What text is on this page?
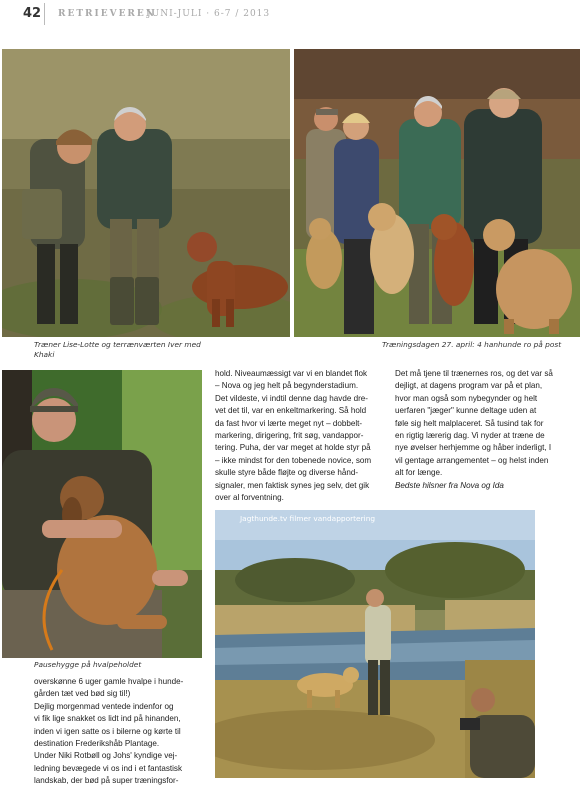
42 RETRIEVEREN
JUNI-JULI · 6-7 / 2013
Træner Lise-Lotte og terrænværten Iver med
Khaki
Træningsdagen 27. april: 4 hanhunde ro på post
Pausehygge på hvalpeholdet
Jagthunde.tv filmer vandapportering

hold. Niveaumæssigt var vi en blandet flok

– Nova og jeg helt på begynderstadium.

Det vildeste, vi indtil denne dag havde dre-

vet det til, var en enkeltmarkering. Så hold

da fast hvor vi lærte meget nyt – dobbelt-

markering, dirigering, frit søg, vandappor-

tering. Puha, der var meget at holde styr på

– ikke mindst for den tobenede novice, som

skulle styre både fløjte og diverse hånd-

signaler, men faktisk synes jeg selv, det gik

over al forventning.

Det må tjene til trænernes ros, og det var så

dejligt, at dagens program var på et plan,

hvor man også som nybegynder og helt

uerfaren "jæger" kunne deltage uden at

føle sig helt malplaceret. Så tusind tak for

en rigtig lærerig dag. Vi nyder at træne de

nye øvelser herhjemme og håber inderligt, I

vil gentage arrangementet – og helst inden

alt for længe.

Bedste hilsner fra Nova og Ida

overskønne 6 uger gamle hvalpe i hunde-

gården tæt ved bød sig til!)

Dejlig morgenmad ventede indenfor og

vi fik lige snakket os lidt ind på hinanden,

inden vi igen satte os i bilerne og kørte til

destination Frederikshåb Plantage.

Under Niki Rotbøll og Johs' kyndige vej-

ledning bevægede vi os ind i et fantastisk

landskab, der bød på super træningsfor-
